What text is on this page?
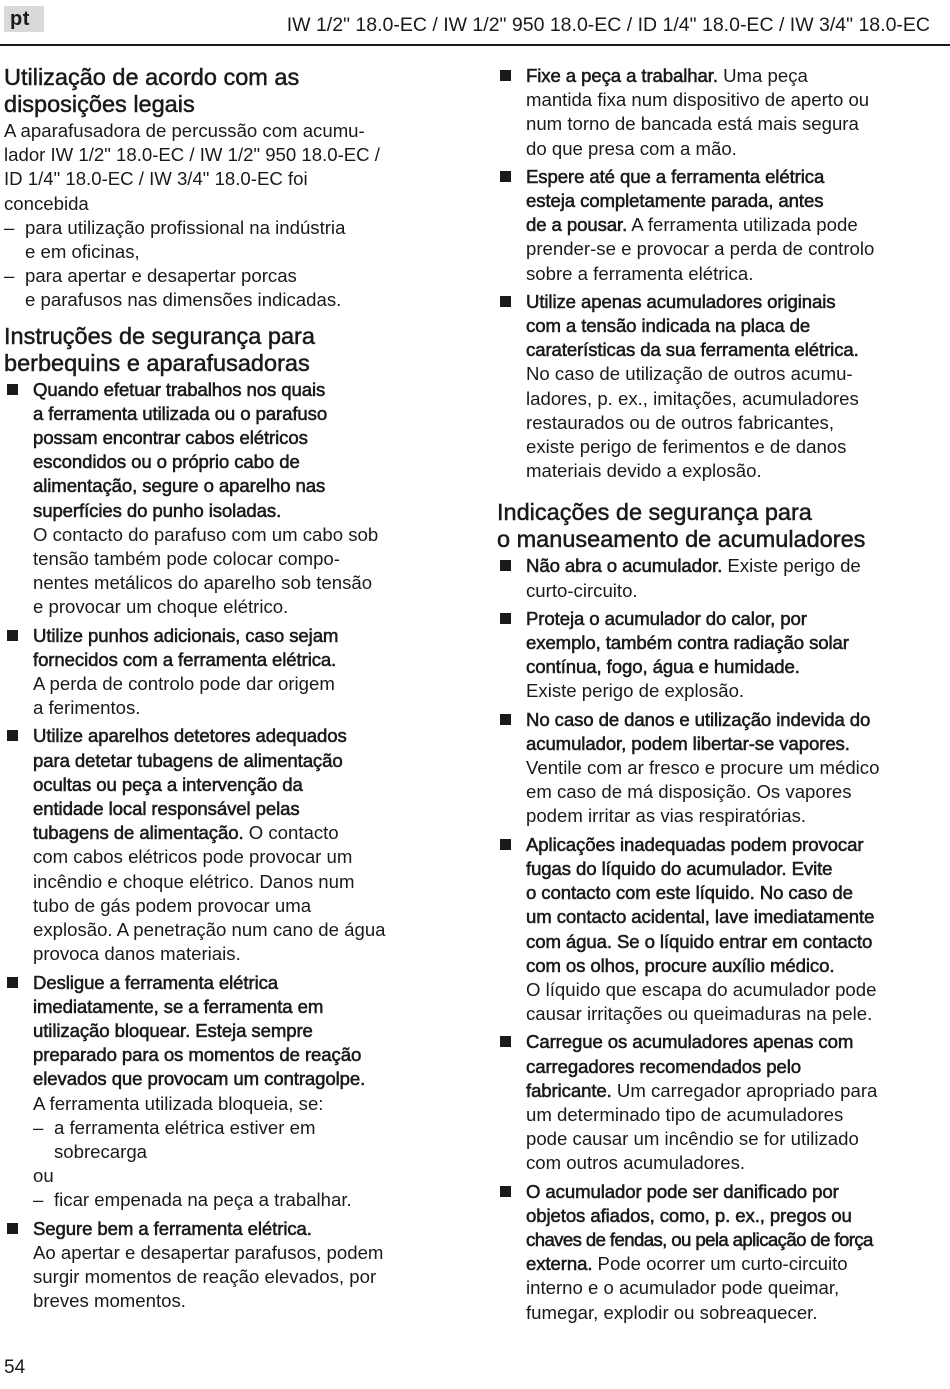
pt	IW 1/2" 18.0-EC / IW 1/2" 950 18.0-EC / ID 1/4" 18.0-EC / IW 3/4" 18.0-EC
Utilização de acordo com as
disposições legais
A aparafusadora de percussão com acumu-
lador IW 1/2" 18.0-EC / IW 1/2" 950 18.0-EC /
ID 1/4" 18.0-EC / IW 3/4" 18.0-EC foi
concebida
– para utilização profissional na indústria
e em oficinas,
– para apertar e desapertar porcas
e parafusos nas dimensões indicadas.
Instruções de segurança para
berbequins e aparafusadoras
Quando efetuar trabalhos nos quais
a ferramenta utilizada ou o parafuso
possam encontrar cabos elétricos
escondidos ou o próprio cabo de
alimentação, segure o aparelho nas
superfícies do punho isoladas.
O contacto do parafuso com um cabo sob
tensão também pode colocar compo-
nentes metálicos do aparelho sob tensão
e provocar um choque elétrico.
Utilize punhos adicionais, caso sejam
fornecidos com a ferramenta elétrica.
A perda de controlo pode dar origem
a ferimentos.
Utilize aparelhos detetores adequados
para detetar tubagens de alimentação
ocultas ou peça a intervenção da
entidade local responsável pelas
tubagens de alimentação. O contacto
com cabos elétricos pode provocar um
incêndio e choque elétrico. Danos num
tubo de gás podem provocar uma
explosão. A penetração num cano de água
provoca danos materiais.
Desligue a ferramenta elétrica
imediatamente, se a ferramenta em
utilização bloquear. Esteja sempre
preparado para os momentos de reação
elevados que provocam um contragolpe.
A ferramenta utilizada bloqueia, se:
– a ferramenta elétrica estiver em
sobrecarga
ou
– ficar empenada na peça a trabalhar.
Segure bem a ferramenta elétrica.
Ao apertar e desapertar parafusos, podem
surgir momentos de reação elevados, por
breves momentos.
Fixe a peça a trabalhar. Uma peça
mantida fixa num dispositivo de aperto ou
num torno de bancada está mais segura
do que presa com a mão.
Espere até que a ferramenta elétrica
esteja completamente parada, antes
de a pousar. A ferramenta utilizada pode
prender-se e provocar a perda de controlo
sobre a ferramenta elétrica.
Utilize apenas acumuladores originais
com a tensão indicada na placa de
caraterísticas da sua ferramenta elétrica.
No caso de utilização de outros acumu-
ladores, p. ex., imitações, acumuladores
restaurados ou de outros fabricantes,
existe perigo de ferimentos e de danos
materiais devido a explosão.
Indicações de segurança para
o manuseamento de acumuladores
Não abra o acumulador. Existe perigo de
curto-circuito.
Proteja o acumulador do calor, por
exemplo, também contra radiação solar
contínua, fogo, água e humidade.
Existe perigo de explosão.
No caso de danos e utilização indevida do
acumulador, podem libertar-se vapores.
Ventile com ar fresco e procure um médico
em caso de má disposição. Os vapores
podem irritar as vias respiratórias.
Aplicações inadequadas podem provocar
fugas do líquido do acumulador. Evite
o contacto com este líquido. No caso de
um contacto acidental, lave imediatamente
com água. Se o líquido entrar em contacto
com os olhos, procure auxílio médico.
O líquido que escapa do acumulador pode
causar irritações ou queimaduras na pele.
Carregue os acumuladores apenas com
carregadores recomendados pelo
fabricante. Um carregador apropriado para
um determinado tipo de acumuladores
pode causar um incêndio se for utilizado
com outros acumuladores.
O acumulador pode ser danificado por
objetos afiados, como, p. ex., pregos ou
chaves de fendas, ou pela aplicação de força
externa. Pode ocorrer um curto-circuito
interno e o acumulador pode queimar,
fumegar, explodir ou sobreaquecer.
54
